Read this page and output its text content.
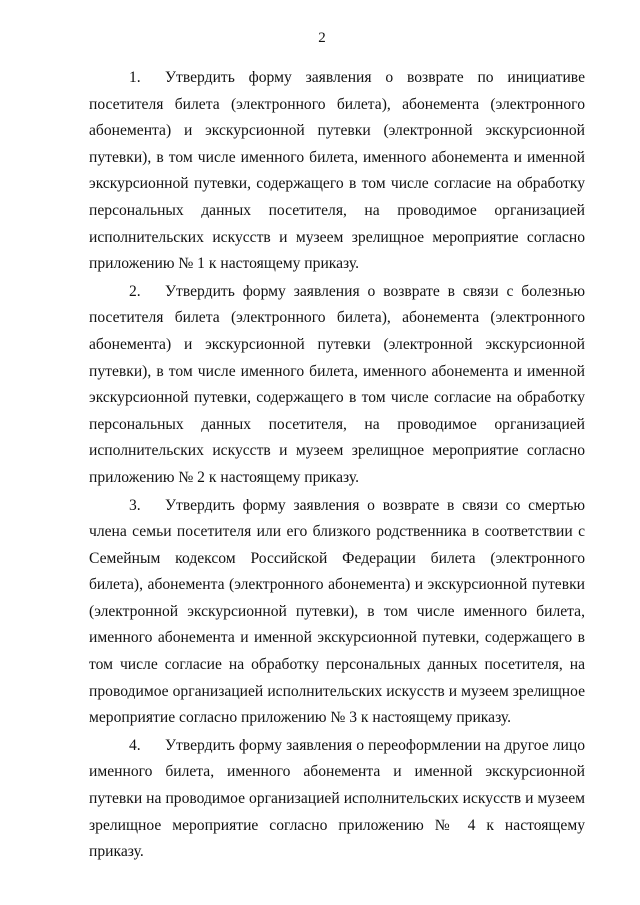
2

1. Утвердить форму заявления о возврате по инициативе посетителя билета (электронного билета), абонемента (электронного абонемента) и экскурсионной путевки (электронной экскурсионной путевки), в том числе именного билета, именного абонемента и именной экскурсионной путевки, содержащего в том числе согласие на обработку персональных данных посетителя, на проводимое организацией исполнительских искусств и музеем зрелищное мероприятие согласно приложению № 1 к настоящему приказу.

2. Утвердить форму заявления о возврате в связи с болезнью посетителя билета (электронного билета), абонемента (электронного абонемента) и экскурсионной путевки (электронной экскурсионной путевки), в том числе именного билета, именного абонемента и именной экскурсионной путевки, содержащего в том числе согласие на обработку персональных данных посетителя, на проводимое организацией исполнительских искусств и музеем зрелищное мероприятие согласно приложению № 2 к настоящему приказу.

3. Утвердить форму заявления о возврате в связи со смертью члена семьи посетителя или его близкого родственника в соответствии с Семейным кодексом Российской Федерации билета (электронного билета), абонемента (электронного абонемента) и экскурсионной путевки (электронной экскурсионной путевки), в том числе именного билета, именного абонемента и именной экскурсионной путевки, содержащего в том числе согласие на обработку персональных данных посетителя, на проводимое организацией исполнительских искусств и музеем зрелищное мероприятие согласно приложению № 3 к настоящему приказу.

4. Утвердить форму заявления о переоформлении на другое лицо именного билета, именного абонемента и именной экскурсионной путевки на проводимое организацией исполнительских искусств и музеем зрелищное мероприятие согласно приложению № 4 к настоящему приказу.
